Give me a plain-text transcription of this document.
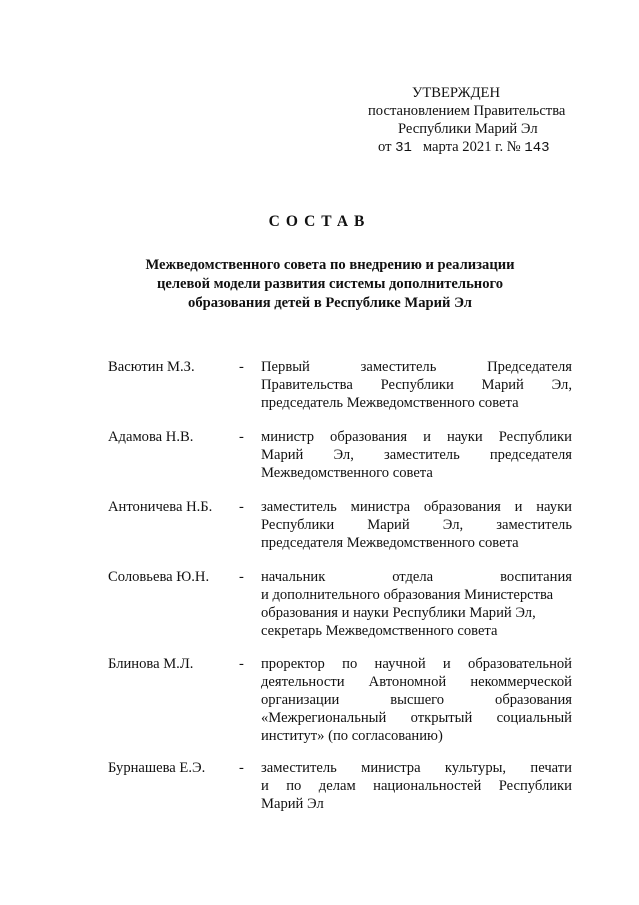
УТВЕРЖДЕН
постановлением Правительства
Республики Марий Эл
от 31 марта 2021 г. № 143
СОСТАВ
Межведомственного совета по внедрению и реализации
целевой модели развития системы дополнительного
образования детей в Республике Марий Эл
Васютин М.З.	- Первый	заместитель	Председателя
Правительства Республики Марий Эл,
председатель Межведомственного совета
Адамова Н.В.	- министр образования и науки Республики
Марий Эл, заместитель председателя
Межведомственного совета
Антоничева Н.Б.	- заместитель министра образования и науки
Республики Марий Эл, заместитель
председателя Межведомственного совета
Соловьева Ю.Н.	- начальник	отдела	воспитания
и дополнительного образования Министерства
образования и науки Республики Марий Эл,
секретарь Межведомственного совета
Блинова М.Л.	- проректор по научной и образовательной
деятельности Автономной некоммерческой
организации	высшего	образования
«Межрегиональный открытый социальный
институт» (по согласованию)
Бурнашева Е.Э.	- заместитель министра культуры, печати
и по делам национальностей Республики
Марий Эл
